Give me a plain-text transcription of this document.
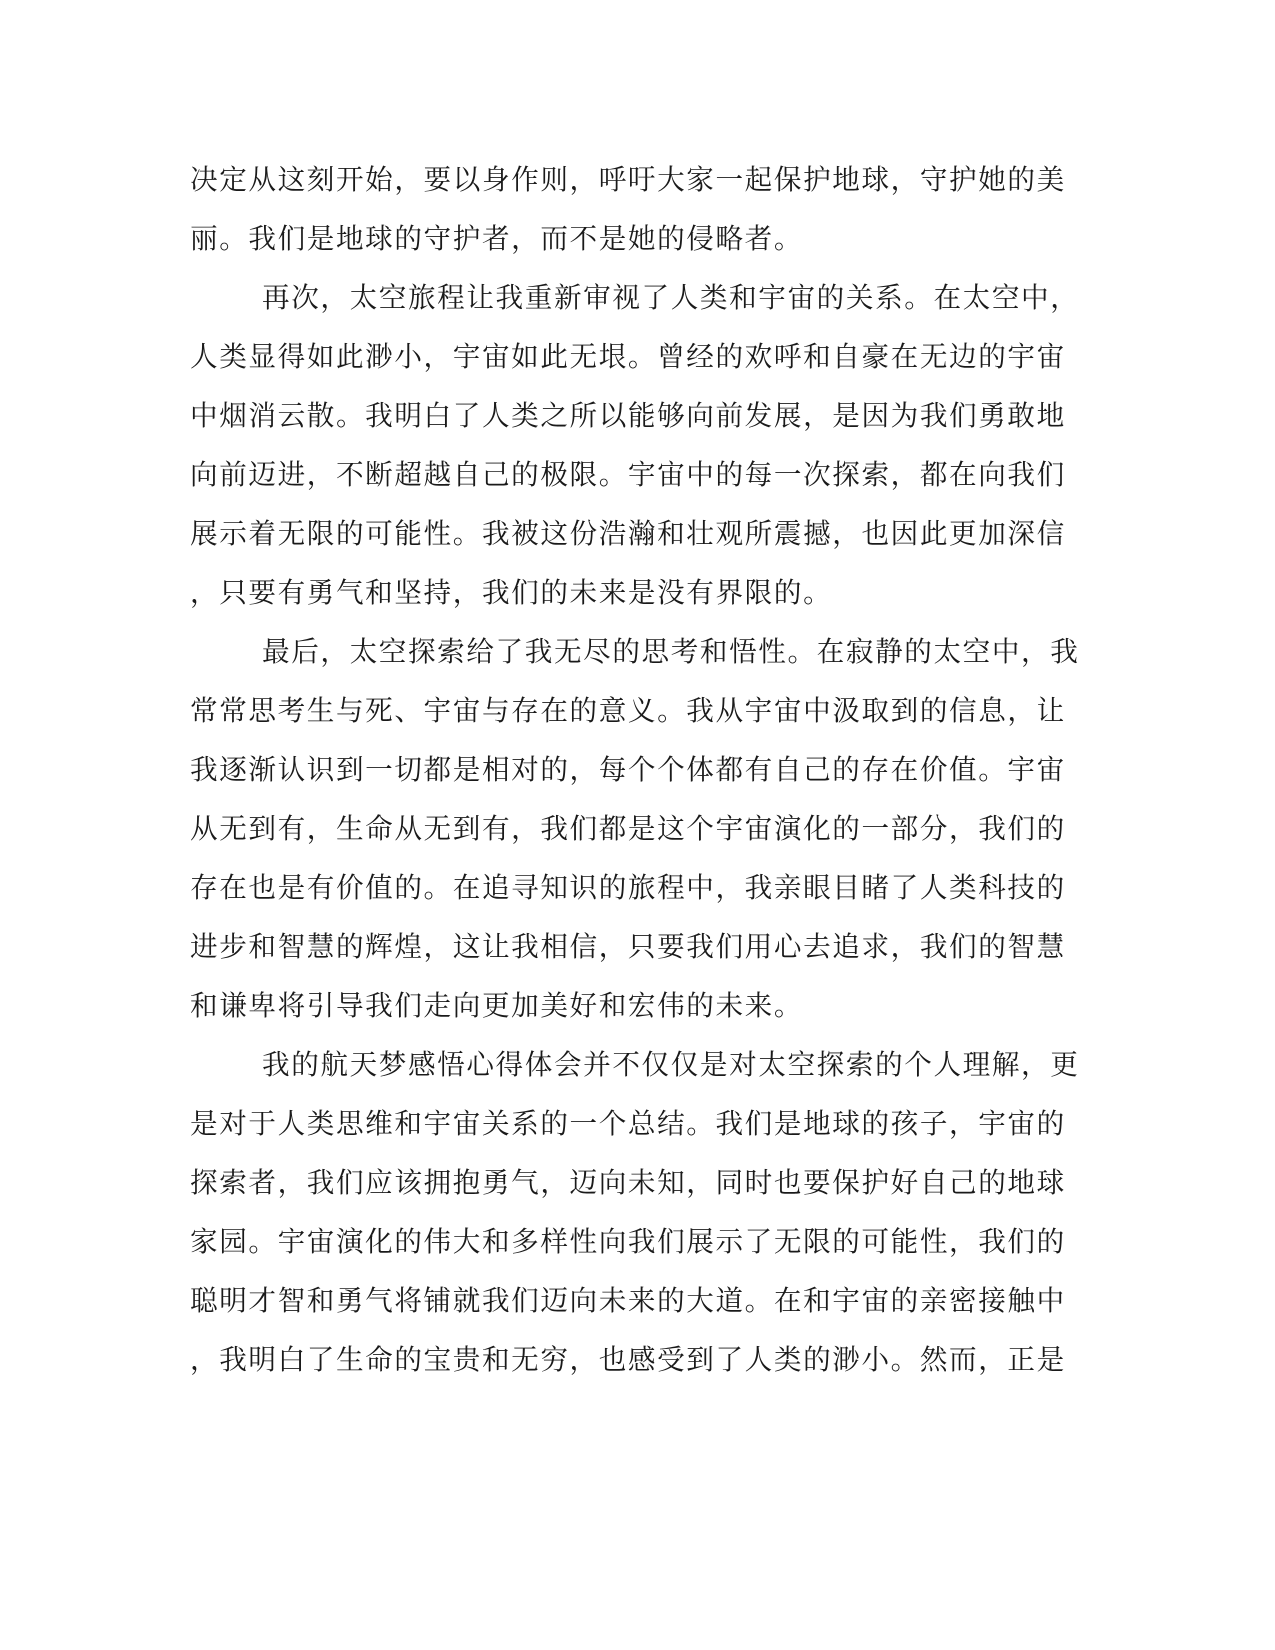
决定从这刻开始，要以身作则，呼吁大家一起保护地球，守护她的美
丽。我们是地球的守护者，而不是她的侵略者。
再次，太空旅程让我重新审视了人类和宇宙的关系。在太空中，
人类显得如此渺小，宇宙如此无垠。曾经的欢呼和自豪在无边的宇宙
中烟消云散。我明白了人类之所以能够向前发展，是因为我们勇敢地
向前迈进，不断超越自己的极限。宇宙中的每一次探索，都在向我们
展示着无限的可能性。我被这份浩瀚和壮观所震撼，也因此更加深信
，只要有勇气和坚持，我们的未来是没有界限的。
最后，太空探索给了我无尽的思考和悟性。在寂静的太空中，我
常常思考生与死、宇宙与存在的意义。我从宇宙中汲取到的信息，让
我逐渐认识到一切都是相对的，每个个体都有自己的存在价值。宇宙
从无到有，生命从无到有，我们都是这个宇宙演化的一部分，我们的
存在也是有价值的。在追寻知识的旅程中，我亲眼目睹了人类科技的
进步和智慧的辉煌，这让我相信，只要我们用心去追求，我们的智慧
和谦卑将引导我们走向更加美好和宏伟的未来。
我的航天梦感悟心得体会并不仅仅是对太空探索的个人理解，更
是对于人类思维和宇宙关系的一个总结。我们是地球的孩子，宇宙的
探索者，我们应该拥抱勇气，迈向未知，同时也要保护好自己的地球
家园。宇宙演化的伟大和多样性向我们展示了无限的可能性，我们的
聪明才智和勇气将铺就我们迈向未来的大道。在和宇宙的亲密接触中
，我明白了生命的宝贵和无穷，也感受到了人类的渺小。然而，正是
